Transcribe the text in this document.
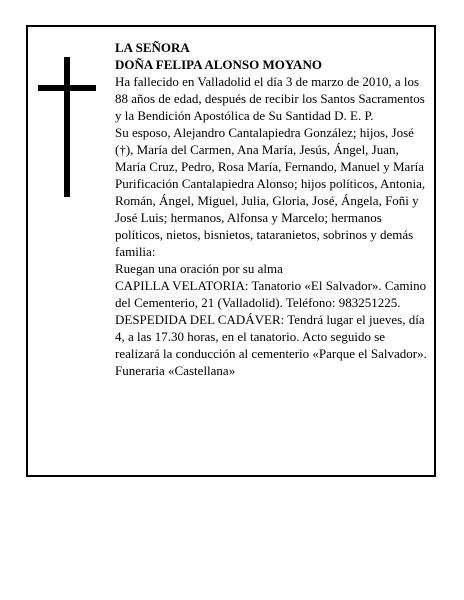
LA SEÑORA

DOÑA FELIPA ALONSO MOYANO

Ha fallecido en Valladolid el día 3 de marzo de 2010, a los 88 años de edad, después de recibir los Santos Sacramentos y la Bendición Apostólica de Su Santidad D. E. P.

Su esposo, Alejandro Cantalapiedra González; hijos, José (†), María del Carmen, Ana María, Jesús, Ángel, Juan, María Cruz, Pedro, Rosa María, Fernando, Manuel y María Purificación Cantalapiedra Alonso; hijos políticos, Antonia, Román, Ángel, Miguel, Julia, Gloria, José, Ángela, Foñi y José Luis; hermanos, Alfonsa y Marcelo; hermanos políticos, nietos, bisnietos, tataranietos, sobrinos y demás familia:

Ruegan una oración por su alma

CAPILLA VELATORIA: Tanatorio «El Salvador». Camino del Cementerio, 21 (Valladolid). Teléfono: 983251225.

DESPEDIDA DEL CADÁVER: Tendrá lugar el jueves, día 4, a las 17.30 horas, en el tanatorio. Acto seguido se realizará la conducción al cementerio «Parque el Salvador».

Funeraria «Castellana»
